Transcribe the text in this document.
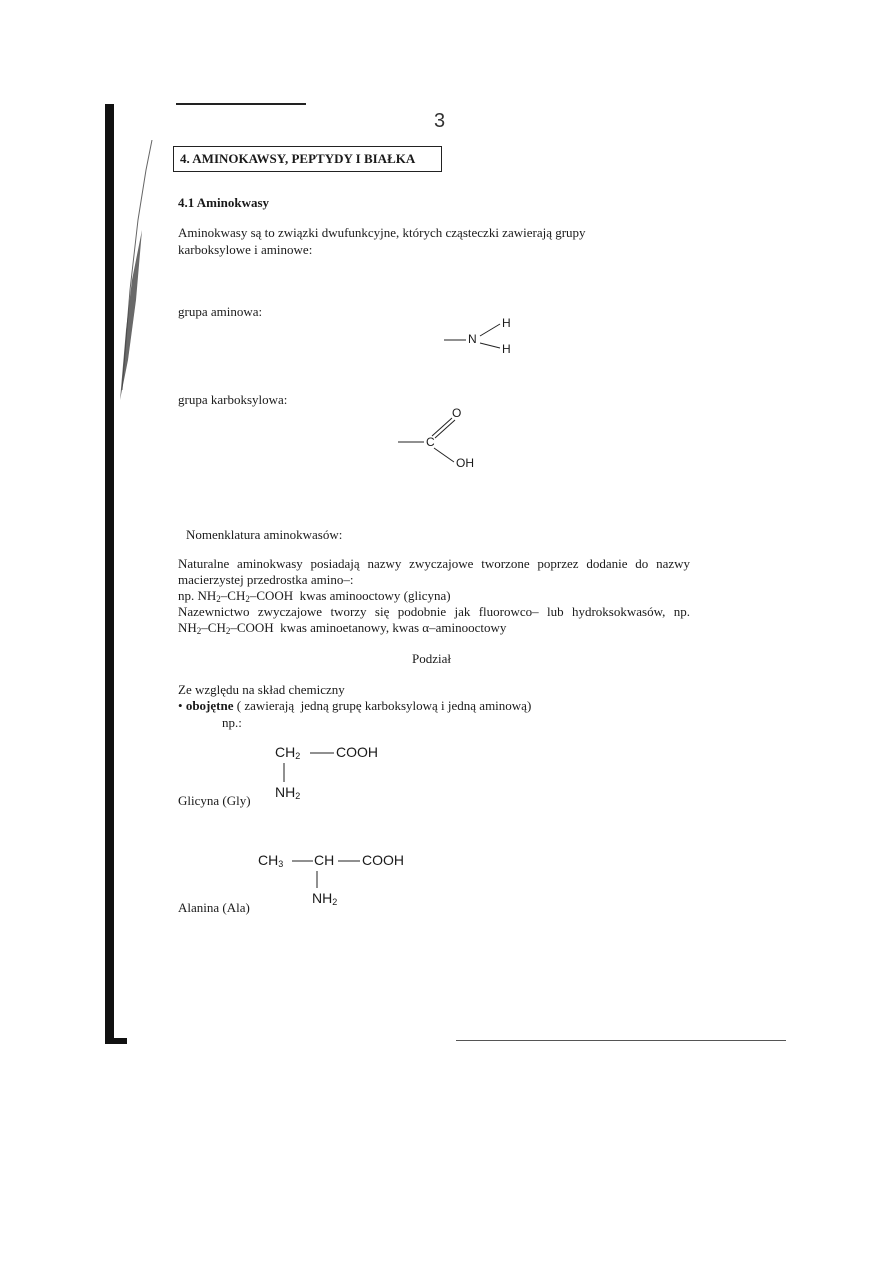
3
4. AMINOKAWSY, PEPTYDY I BIAŁKA
4.1 Aminokwasy
Aminokwasy są to związki dwufunkcyjne, których cząsteczki zawierają grupy
karboksylowe i aminowe:
grupa aminowa:
N
H
H
grupa karboksylowa:
C
O
OH
Nomenklatura aminokwasów:
Naturalne aminokwasy posiadają nazwy zwyczajowe tworzone poprzez dodanie do nazwy
macierzystej przedrostka amino–:
np. $NH_2-CH_2$–COOH  kwas aminooctowy (glicyna)
Nazewnictwo zwyczajowe tworzy się podobnie jak fluorowco– lub hydroksokwasów, np.
$NH_2-CH_2$–COOH  kwas aminoetanowy, kwas α–aminooctowy
Podział
Ze względu na skład chemiczny
• obojętne ( zawierają  jedną grupę karboksylową i jedną aminową)
np.:
$CH_2$	COOH
$NH_2$
Glicyna (Gly)
$CH_3$ CH COOH
$NH_2$
Alanina (Ala)
